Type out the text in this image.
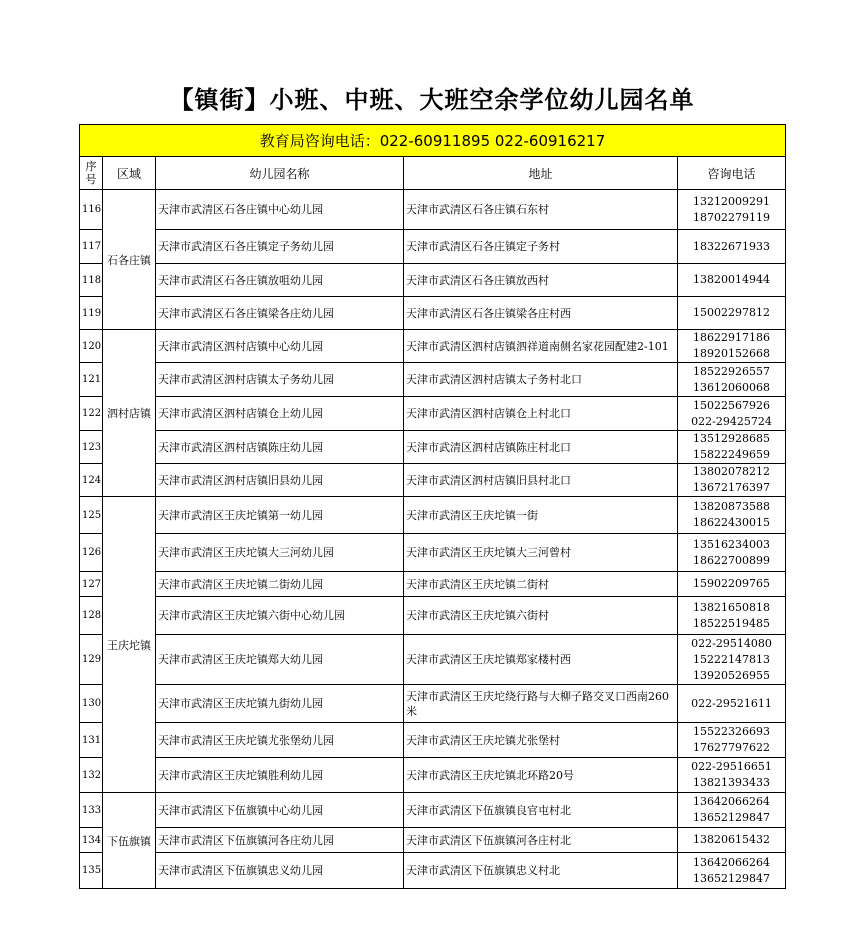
【镇街】小班、中班、大班空余学位幼儿园名单
教育局咨询电话：022-60911895 022-60916217				
序号	区域	幼儿园名称	地址	咨询电话
116	石各庄镇	天津市武清区石各庄镇中心幼儿园	天津市武清区石各庄镇石东村	13212009291
18702279119

117		天津市武清区石各庄镇定子务幼儿园	天津市武清区石各庄镇定子务村	18322671933

118		天津市武清区石各庄镇放咀幼儿园	天津市武清区石各庄镇放西村	13820014944

119		天津市武清区石各庄镇梁各庄幼儿园	天津市武清区石各庄镇梁各庄村西	15002297812

120	泗村店镇	天津市武清区泗村店镇中心幼儿园	天津市武清区泗村店镇泗祥道南侧名家花园配建2-101	18622917186
18920152668

121		天津市武清区泗村店镇太子务幼儿园	天津市武清区泗村店镇太子务村北口	18522926557
13612060068

122		天津市武清区泗村店镇仓上幼儿园	天津市武清区泗村店镇仓上村北口	15022567926
022-29425724

123		天津市武清区泗村店镇陈庄幼儿园	天津市武清区泗村店镇陈庄村北口	13512928685
15822249659

124		天津市武清区泗村店镇旧县幼儿园	天津市武清区泗村店镇旧县村北口	13802078212
13672176397

125	王庆坨镇	天津市武清区王庆坨镇第一幼儿园	天津市武清区王庆坨镇一街	13820873588
18622430015

126		天津市武清区王庆坨镇大三河幼儿园	天津市武清区王庆坨镇大三河曾村	13516234003
18622700899

127		天津市武清区王庆坨镇二街幼儿园	天津市武清区王庆坨镇二街村	15902209765

128		天津市武清区王庆坨镇六街中心幼儿园	天津市武清区王庆坨镇六街村	13821650818
18522519485

129		天津市武清区王庆坨镇郑大幼儿园	天津市武清区王庆坨镇郑家楼村西	022-29514080
15222147813
13920526955

130		天津市武清区王庆坨镇九街幼儿园	天津市武清区王庆坨绕行路与大柳子路交叉口西南260米	022-29521611

131		天津市武清区王庆坨镇尤张堡幼儿园	天津市武清区王庆坨镇尤张堡村	15522326693
17627797622

132		天津市武清区王庆坨镇胜利幼儿园	天津市武清区王庆坨镇北环路20号	022-29516651
13821393433

133	下伍旗镇	天津市武清区下伍旗镇中心幼儿园	天津市武清区下伍旗镇良官屯村北	13642066264
13652129847

134		天津市武清区下伍旗镇河各庄幼儿园	天津市武清区下伍旗镇河各庄村北	13820615432

135		天津市武清区下伍旗镇忠义幼儿园	天津市武清区下伍旗镇忠义村北	13642066264
13652129847
